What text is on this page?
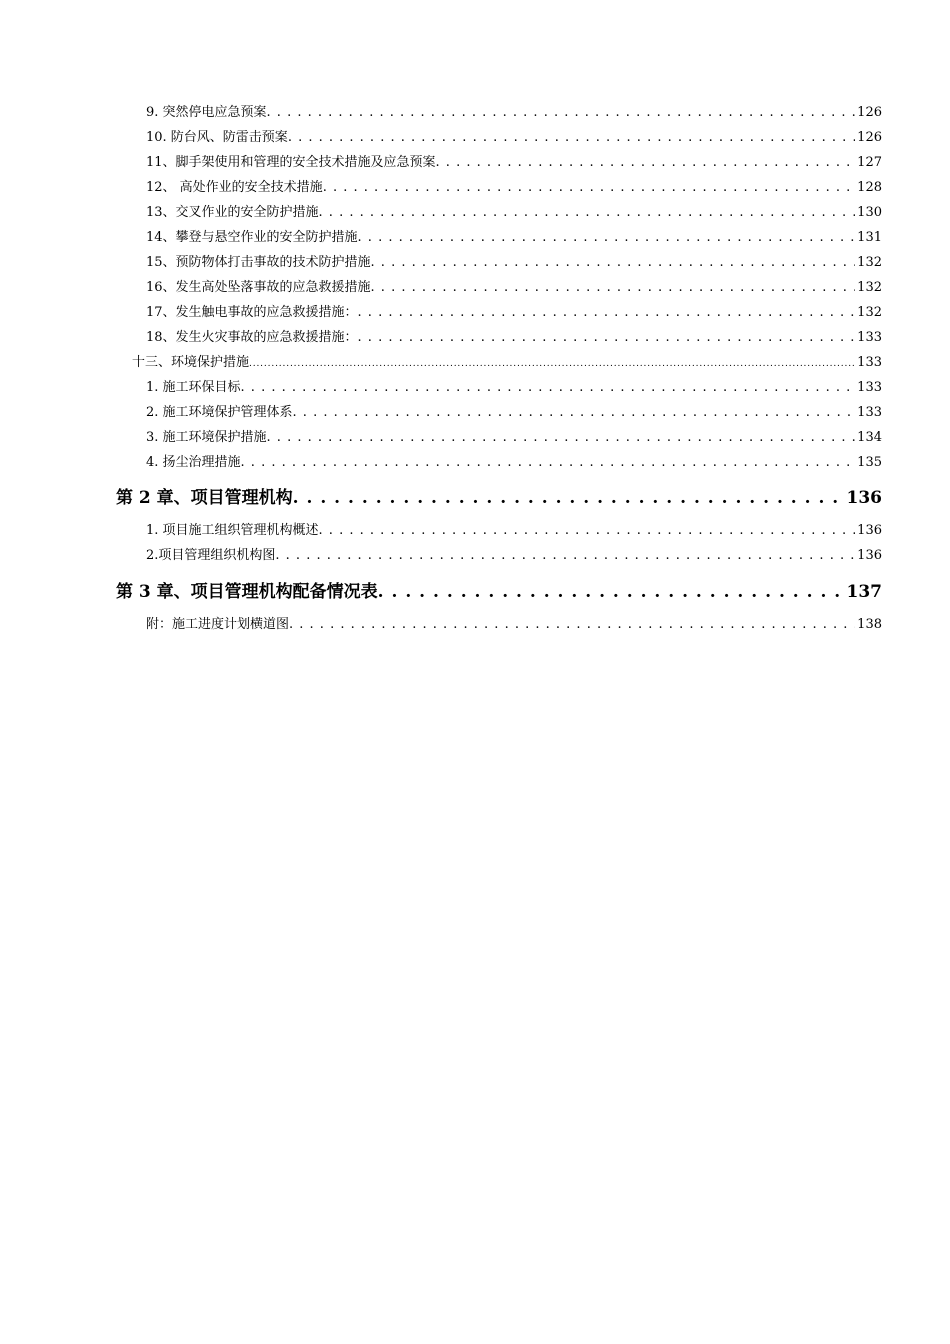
9. 突然停电应急预案 . . .	126
10. 防台风、防雷击预案 . . .	126
11、脚手架使用和管理的安全技术措施及应急预案 . . .	127
12、 高处作业的安全技术措施 . . .	128
13、交叉作业的安全防护措施 . . .	130
14、攀登与悬空作业的安全防护措施 . . .	131
15、预防物体打击事故的技术防护措施 . . .	132
16、发生高处坠落事故的应急救援措施 . . .	132
17、发生触电事故的应急救援措施： . . .	132
18、发生火灾事故的应急救援措施： . . .	133
十三、环境保护措施 . . .	133
1. 施工环保目标 . . .	133
2. 施工环境保护管理体系 . . .	133
3. 施工环境保护措施 . . .	134
4. 扬尘治理措施 . . .	135
第 2 章、项目管理机构 . . .	136
1. 项目施工组织管理机构概述 . . .	136
2.项目管理组织机构图 . . .	136
第 3 章、项目管理机构配备情况表 . . .	137
附：施工进度计划横道图 . . .	138
